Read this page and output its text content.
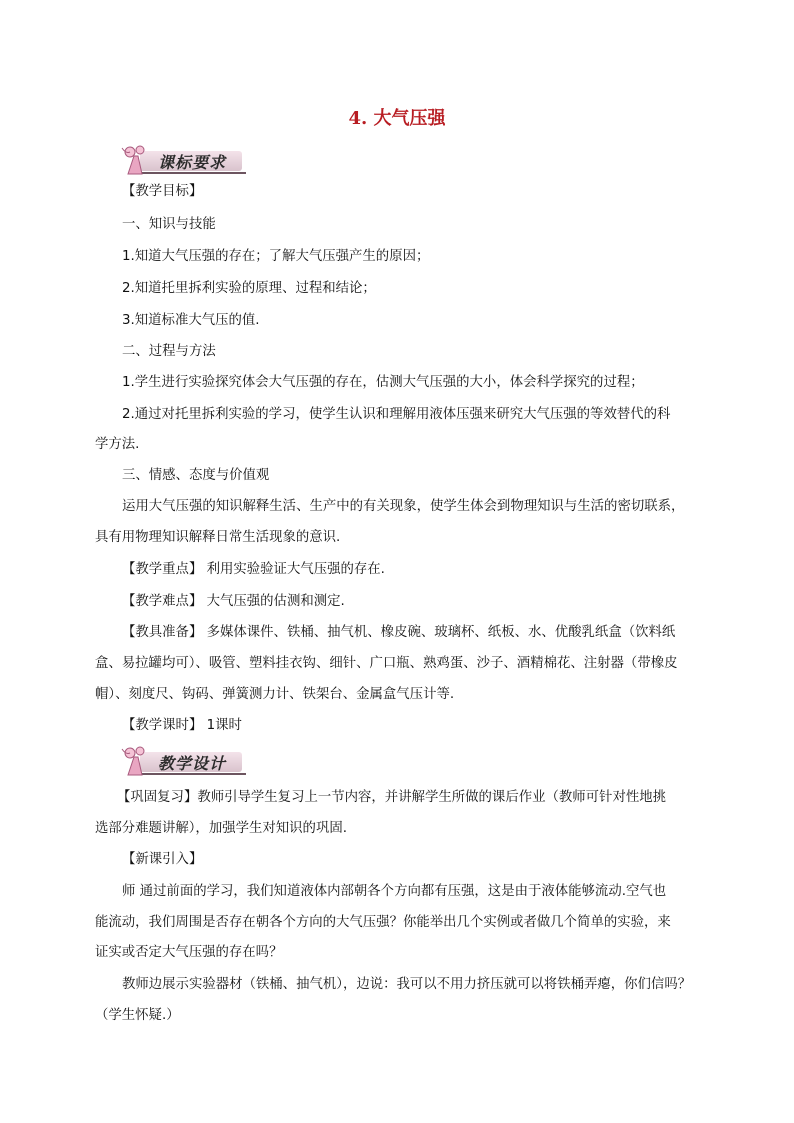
4. 大气压强
课标要求
【教学目标】
一、知识与技能
1.知道大气压强的存在；了解大气压强产生的原因；
2.知道托里拆利实验的原理、过程和结论；
3.知道标准大气压的值.
二、过程与方法
1.学生进行实验探究体会大气压强的存在，估测大气压强的大小，体会科学探究的过程；
2.通过对托里拆利实验的学习，使学生认识和理解用液体压强来研究大气压强的等效替代的科
学方法.
三、情感、态度与价值观
运用大气压强的知识解释生活、生产中的有关现象，使学生体会到物理知识与生活的密切联系，
具有用物理知识解释日常生活现象的意识.
【教学重点】 利用实验验证大气压强的存在.
【教学难点】 大气压强的估测和测定.
【教具准备】 多媒体课件、铁桶、抽气机、橡皮碗、玻璃杯、纸板、水、优酸乳纸盒（饮料纸
盒、易拉罐均可）、吸管、塑料挂衣钩、细针、广口瓶、熟鸡蛋、沙子、酒精棉花、注射器（带橡皮
帽）、刻度尺、钩码、弹簧测力计、铁架台、金属盒气压计等.
【教学课时】 1课时
教学设计
【巩固复习】教师引导学生复习上一节内容，并讲解学生所做的课后作业（教师可针对性地挑
选部分难题讲解），加强学生对知识的巩固.
【新课引入】
师 通过前面的学习，我们知道液体内部朝各个方向都有压强，这是由于液体能够流动.空气也
能流动，我们周围是否存在朝各个方向的大气压强？你能举出几个实例或者做几个简单的实验，来
证实或否定大气压强的存在吗？
教师边展示实验器材（铁桶、抽气机），边说：我可以不用力挤压就可以将铁桶弄瘪，你们信吗？
（学生怀疑.）
